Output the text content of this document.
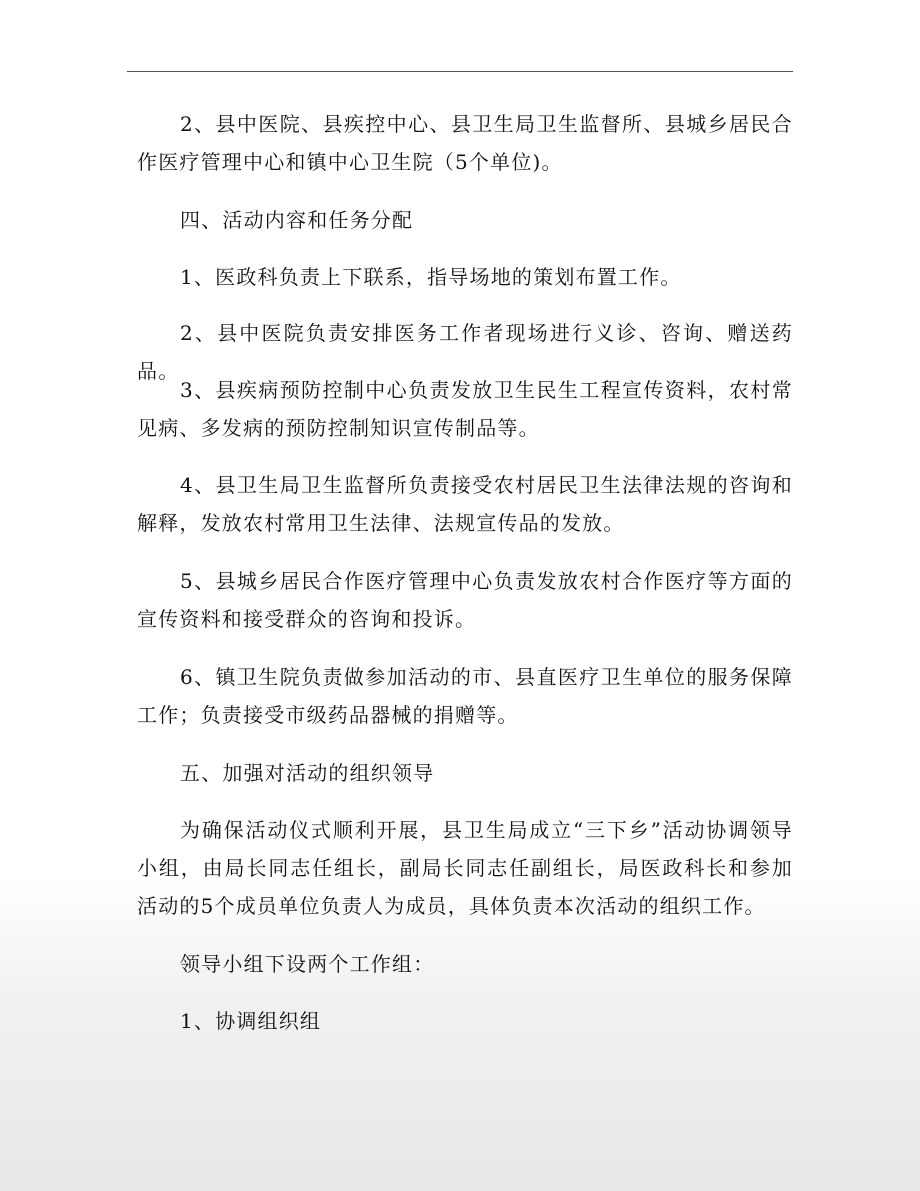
2、县中医院、县疾控中心、县卫生局卫生监督所、县城乡居民合作医疗管理中心和镇中心卫生院（5个单位)。

四、活动内容和任务分配

1、医政科负责上下联系，指导场地的策划布置工作。

2、县中医院负责安排医务工作者现场进行义诊、咨询、赠送药品。

3、县疾病预防控制中心负责发放卫生民生工程宣传资料，农村常见病、多发病的预防控制知识宣传制品等。

4、县卫生局卫生监督所负责接受农村居民卫生法律法规的咨询和解释，发放农村常用卫生法律、法规宣传品的发放。

5、县城乡居民合作医疗管理中心负责发放农村合作医疗等方面的宣传资料和接受群众的咨询和投诉。

6、镇卫生院负责做参加活动的市、县直医疗卫生单位的服务保障工作；负责接受市级药品器械的捐赠等。

五、加强对活动的组织领导

为确保活动仪式顺利开展，县卫生局成立“三下乡”活动协调领导小组，由局长同志任组长，副局长同志任副组长，局医政科长和参加活动的5个成员单位负责人为成员，具体负责本次活动的组织工作。

领导小组下设两个工作组：

1、协调组织组
